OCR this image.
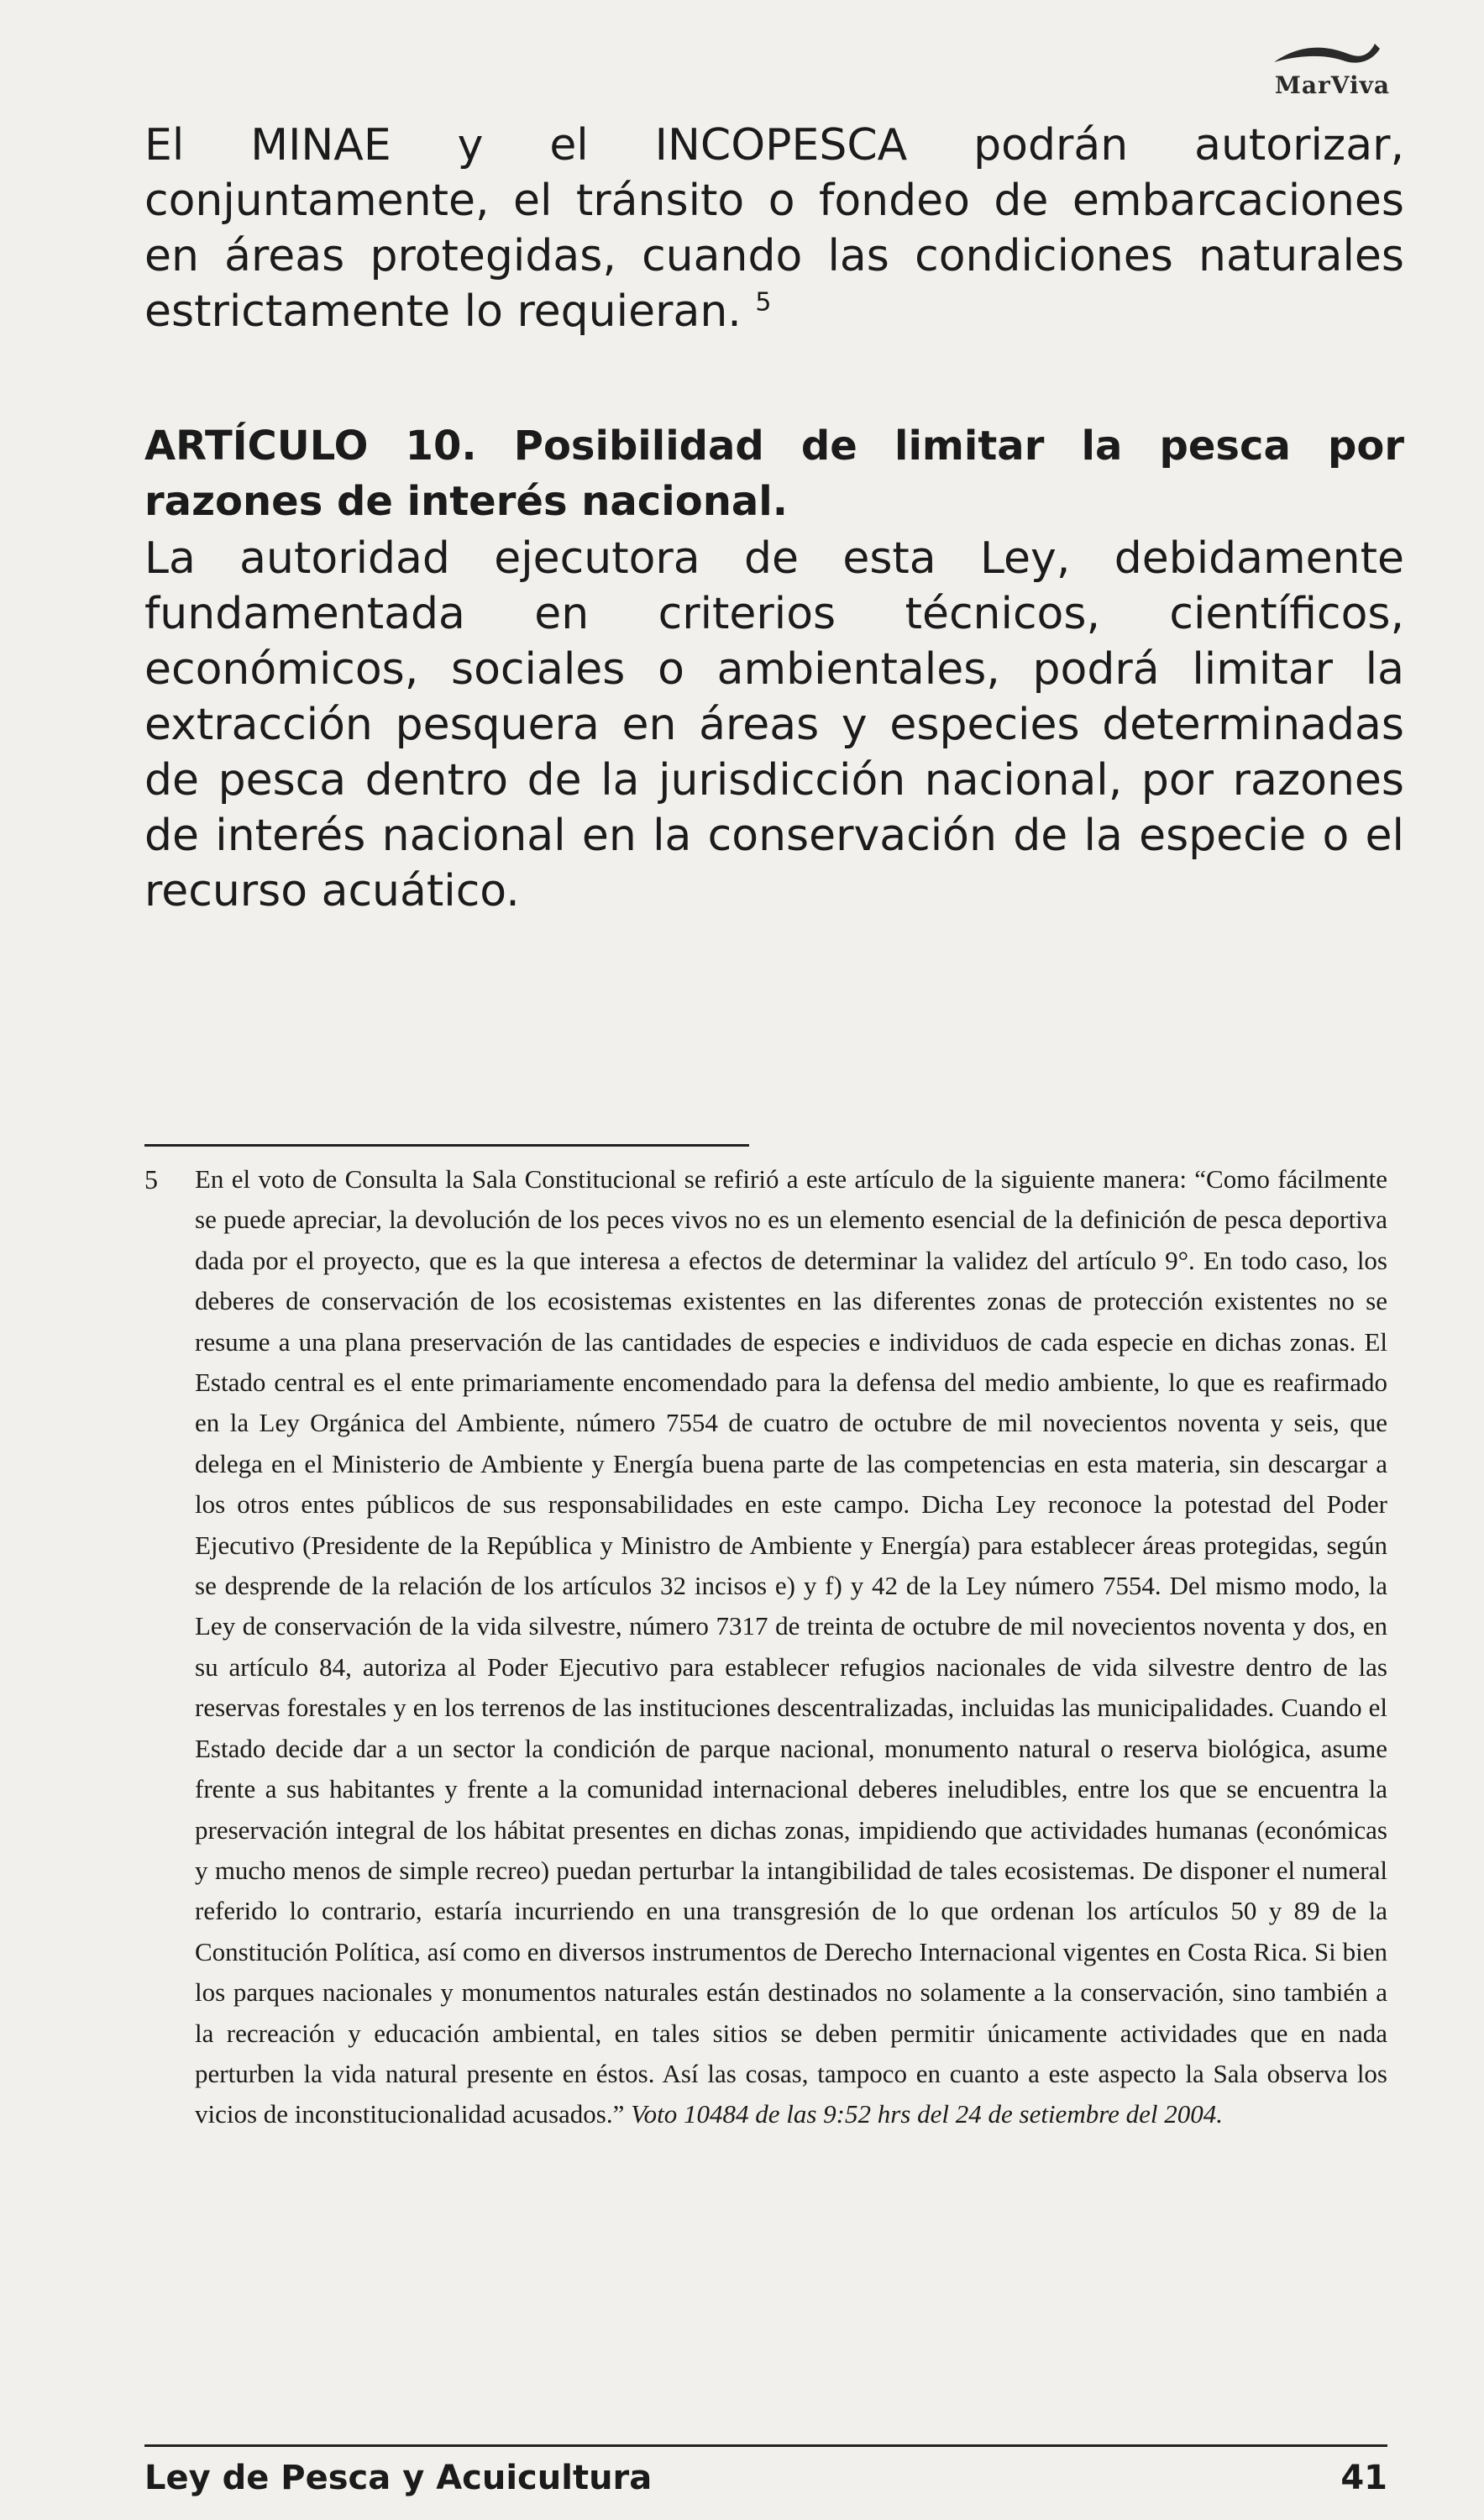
MarViva

El MINAE y el INCOPESCA podrán autorizar, conjuntamente, el tránsito o fondeo de embarcaciones en áreas protegidas, cuando las condiciones naturales estrictamente lo requieran. $^5$

ARTÍCULO 10. Posibilidad de limitar la pesca por razones de interés nacional.

La autoridad ejecutora de esta Ley, debidamente fundamentada en criterios técnicos, científicos, económicos, sociales o ambientales, podrá limitar la extracción pesquera en áreas y especies determinadas de pesca dentro de la jurisdicción nacional, por razones de interés nacional en la conservación de la especie o el recurso acuático.

5 En el voto de Consulta la Sala Constitucional se refirió a este artículo de la siguiente manera: “Como fácilmente se puede apreciar, la devolución de los peces vivos no es un elemento esencial de la definición de pesca deportiva dada por el proyecto, que es la que interesa a efectos de determinar la validez del artículo 9°. En todo caso, los deberes de conservación de los ecosistemas existentes en las diferentes zonas de protección existentes no se resume a una plana preservación de las cantidades de especies e individuos de cada especie en dichas zonas. El Estado central es el ente primariamente encomendado para la defensa del medio ambiente, lo que es reafirmado en la Ley Orgánica del Ambiente, número 7554 de cuatro de octubre de mil novecientos noventa y seis, que delega en el Ministerio de Ambiente y Energía buena parte de las competencias en esta materia, sin descargar a los otros entes públicos de sus responsabilidades en este campo. Dicha Ley reconoce la potestad del Poder Ejecutivo (Presidente de la República y Ministro de Ambiente y Energía) para establecer áreas protegidas, según se desprende de la relación de los artículos 32 incisos e) y f) y 42 de la Ley número 7554. Del mismo modo, la Ley de conservación de la vida silvestre, número 7317 de treinta de octubre de mil novecientos noventa y dos, en su artículo 84, autoriza al Poder Ejecutivo para establecer refugios nacionales de vida silvestre dentro de las reservas forestales y en los terrenos de las instituciones descentralizadas, incluidas las municipalidades. Cuando el Estado decide dar a un sector la condición de parque nacional, monumento natural o reserva biológica, asume frente a sus habitantes y frente a la comunidad internacional deberes ineludibles, entre los que se encuentra la preservación integral de los hábitat presentes en dichas zonas, impidiendo que actividades humanas (económicas y mucho menos de simple recreo) puedan perturbar la intangibilidad de tales ecosistemas. De disponer el numeral referido lo contrario, estaría incurriendo en una transgresión de lo que ordenan los artículos 50 y 89 de la Constitución Política, así como en diversos instrumentos de Derecho Internacional vigentes en Costa Rica. Si bien los parques nacionales y monumentos naturales están destinados no solamente a la conservación, sino también a la recreación y educación ambiental, en tales sitios se deben permitir únicamente actividades que en nada perturben la vida natural presente en éstos. Así las cosas, tampoco en cuanto a este aspecto la Sala observa los vicios de inconstitucionalidad acusados.” Voto 10484 de las 9:52 hrs del 24 de setiembre del 2004.

Ley de Pesca y Acuicultura	41
